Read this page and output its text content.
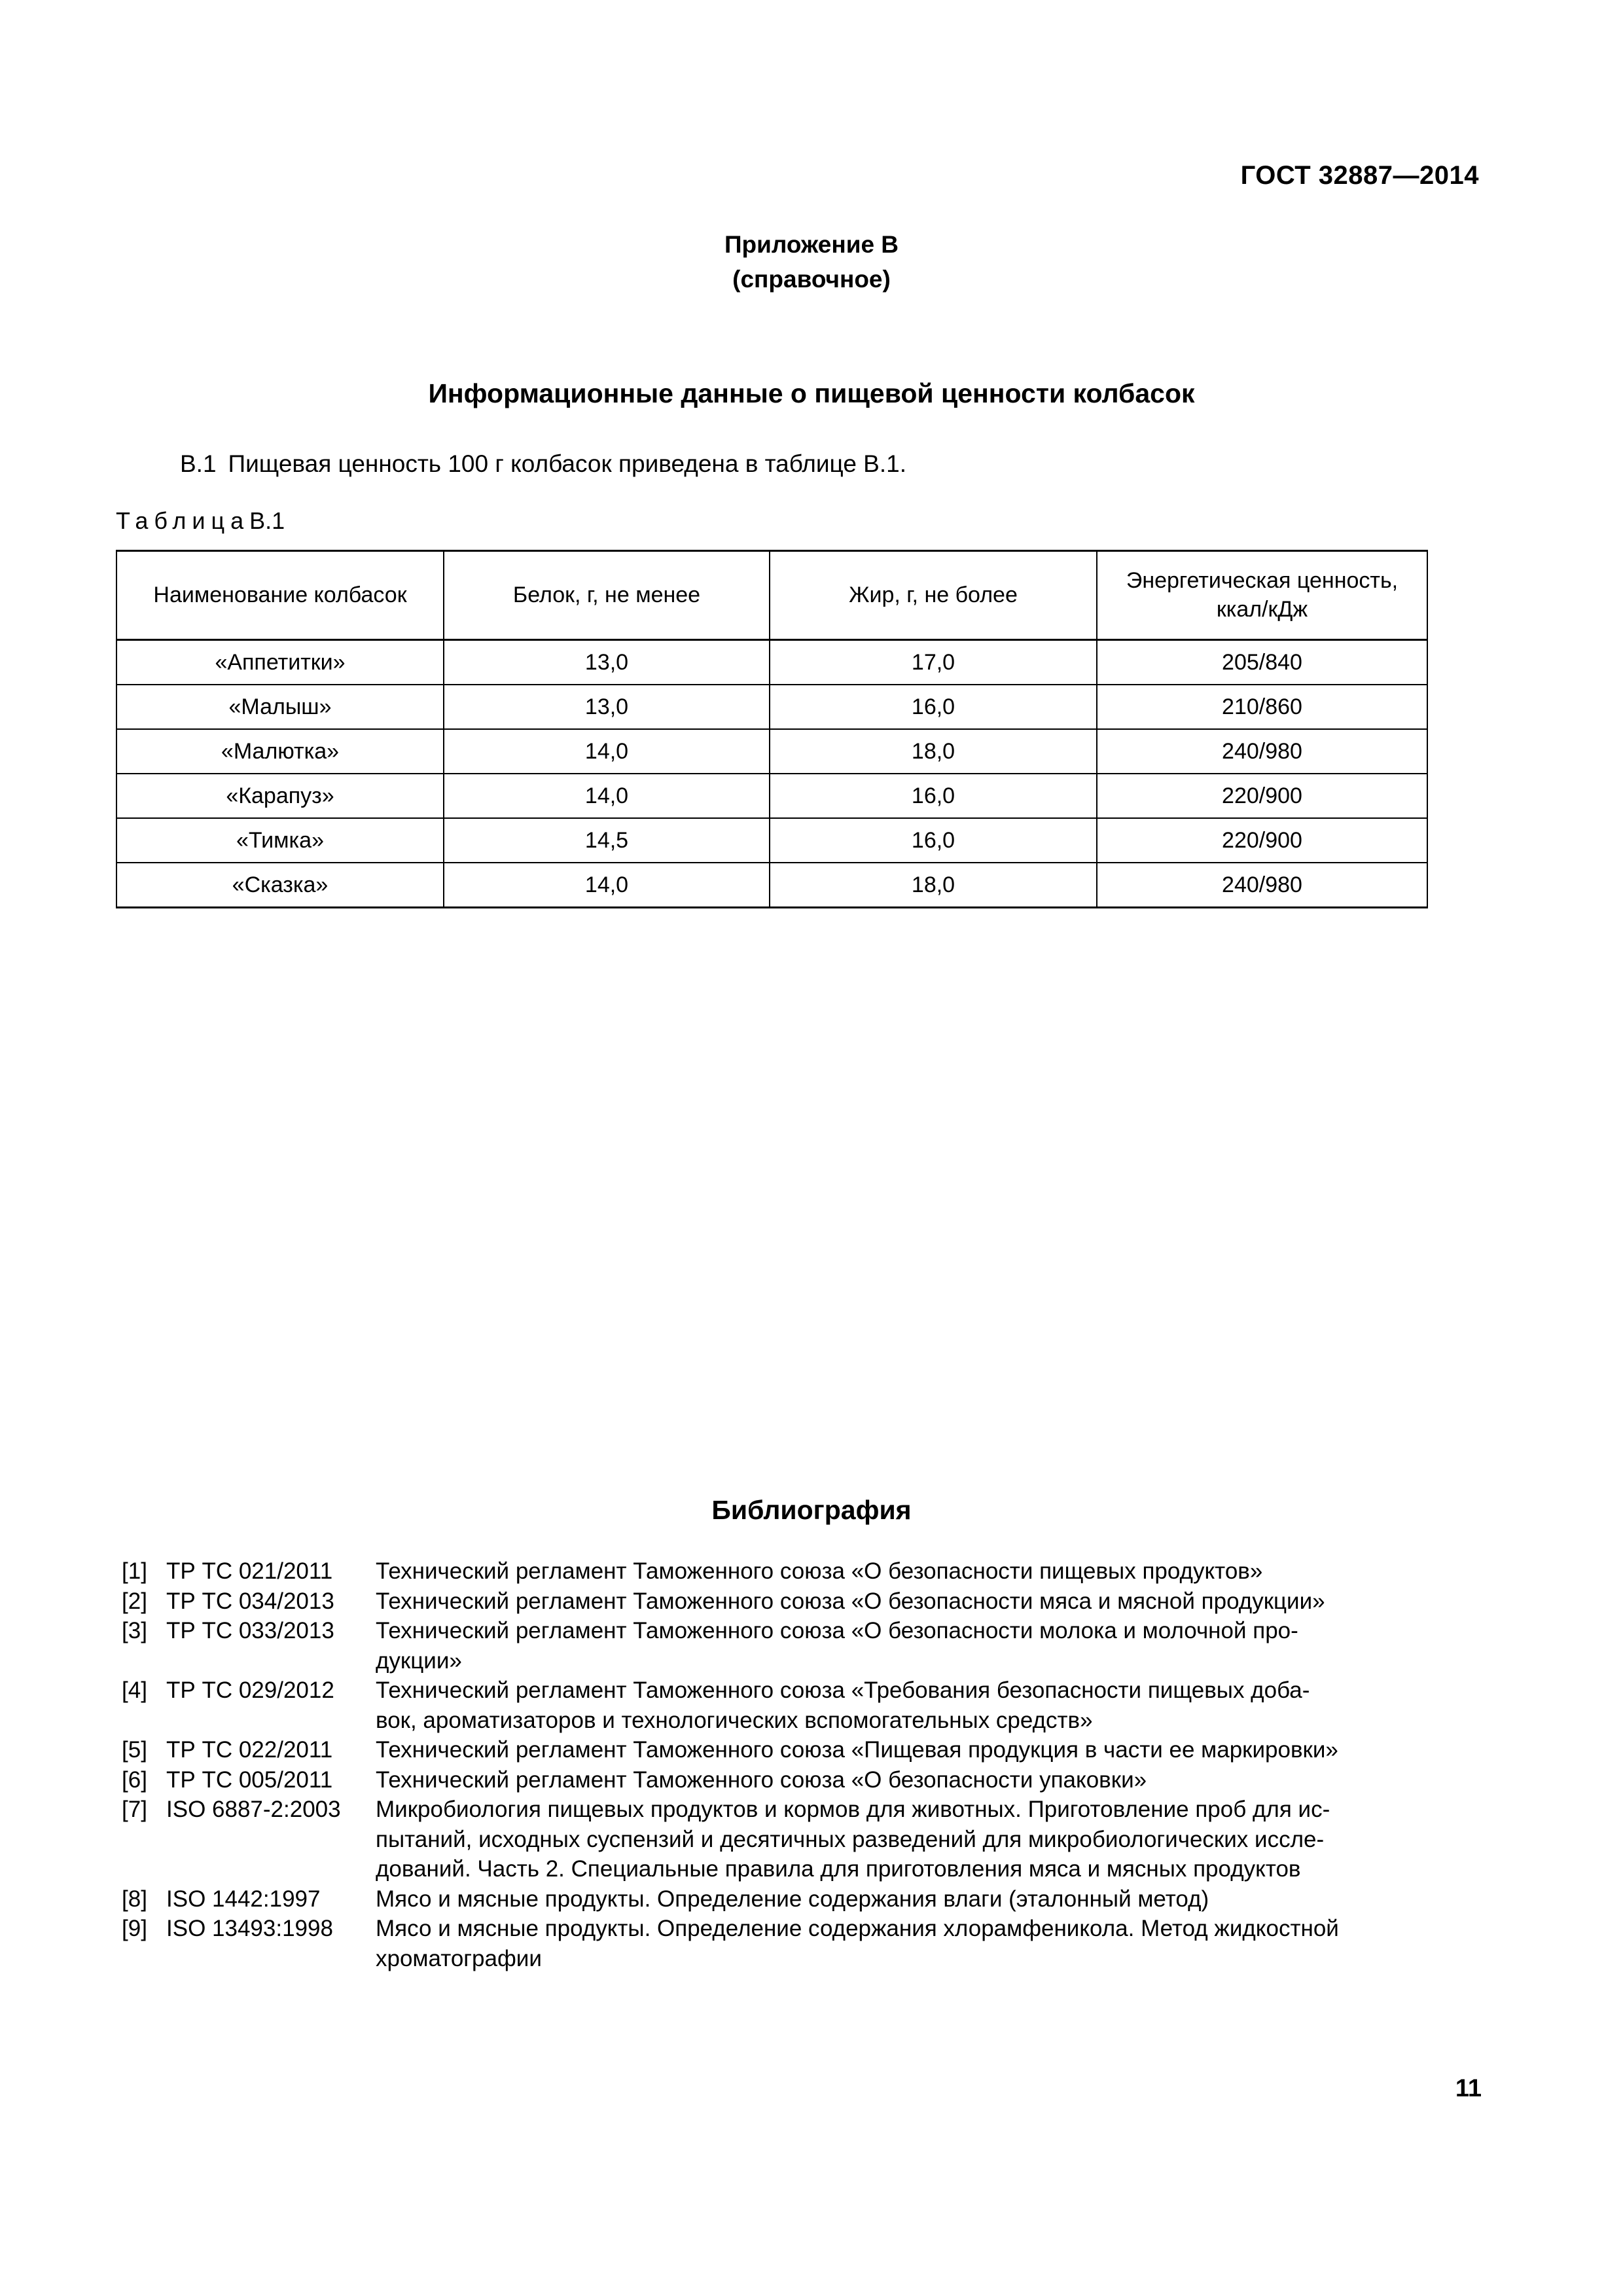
ГОСТ 32887—2014
Приложение В
(справочное)
Информационные данные о пищевой ценности колбасок
В.1 Пищевая ценность 100 г колбасок приведена в таблице В.1.
ТаблицаВ.1
Наименование колбасок	Белок, г, не менее	Жир, г, не более	Энергетическая ценность,
ккал/кДж
«Аппетитки»	13,0	17,0	205/840
«Малыш»	13,0	16,0	210/860
«Малютка»	14,0	18,0	240/980
«Карапуз»	14,0	16,0	220/900
«Тимка»	14,5	16,0	220/900
«Сказка»	14,0	18,0	240/980
Библиография
[1] ТР ТС 021/2011	Технический регламент Таможенного союза «О безопасности пищевых продуктов»
[2] ТР ТС 034/2013	Технический регламент Таможенного союза «О безопасности мяса и мясной продукции»
[3] ТР ТС 033/2013	Технический регламент Таможенного союза «О безопасности молока и молочной про-
дукции»
[4] ТР ТС 029/2012	Технический регламент Таможенного союза «Требования безопасности пищевых доба-
вок, ароматизаторов и технологических вспомогательных средств»
[5] ТР ТС 022/2011	Технический регламент Таможенного союза «Пищевая продукция в части ее маркировки»
[6] ТР ТС 005/2011	Технический регламент Таможенного союза «О безопасности упаковки»
[7] ISO 6887-2:2003	Микробиология пищевых продуктов и кормов для животных. Приготовление проб для ис-
пытаний, исходных суспензий и десятичных разведений для микробиологических иссле-
дований. Часть 2. Специальные правила для приготовления мяса и мясных продуктов
[8] ISO 1442:1997	Мясо и мясные продукты. Определение содержания влаги (эталонный метод)
[9] ISO 13493:1998	Мясо и мясные продукты. Определение содержания хлорамфеникола. Метод жидкостной
хроматографии
11
